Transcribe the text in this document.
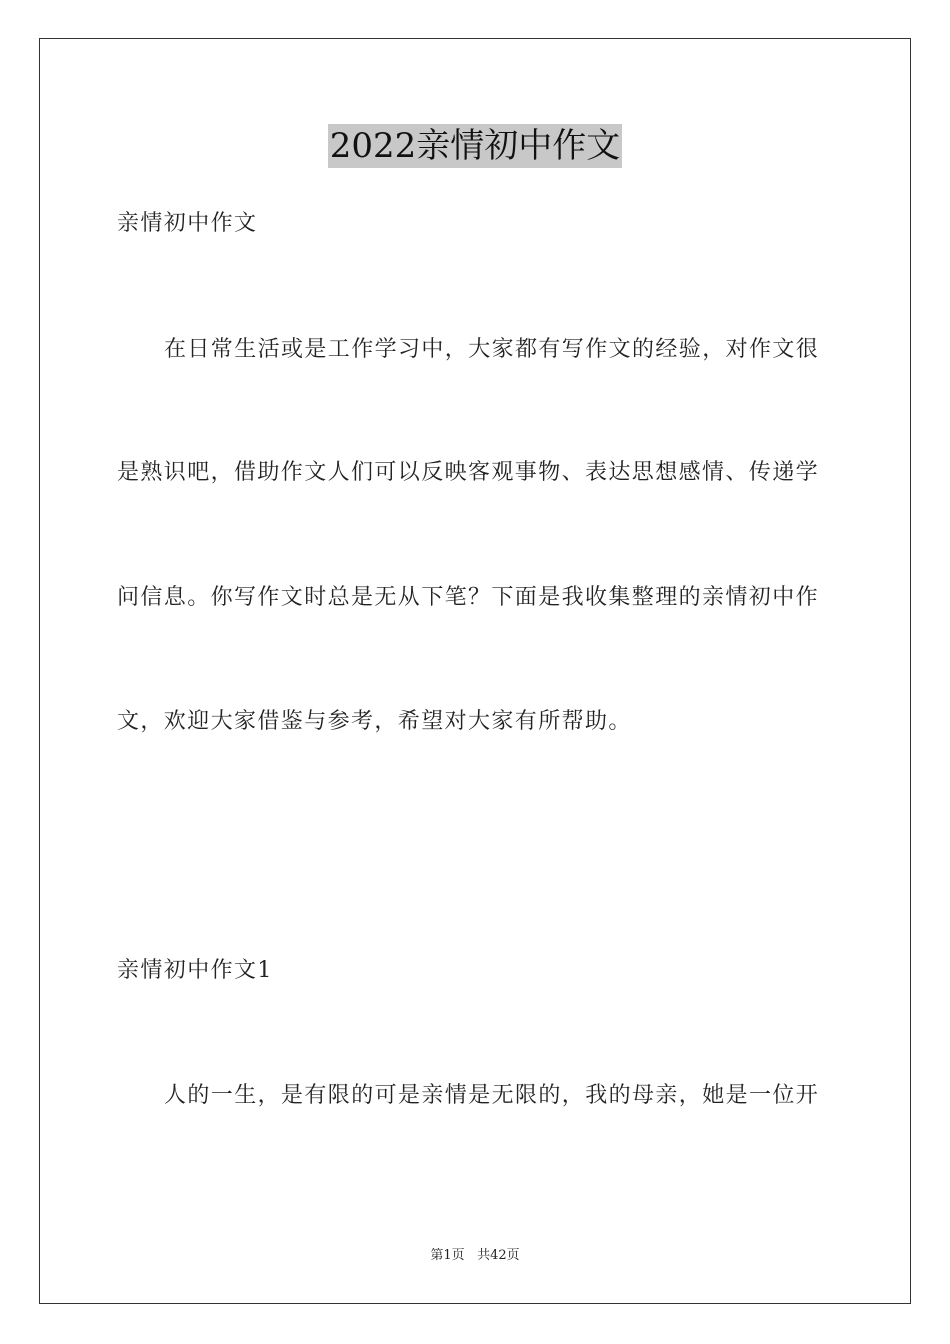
2022亲情初中作文
亲情初中作文
在日常生活或是工作学习中，大家都有写作文的经验，对作文很
是熟识吧，借助作文人们可以反映客观事物、表达思想感情、传递学
问信息。你写作文时总是无从下笔？下面是我收集整理的亲情初中作
文，欢迎大家借鉴与参考，希望对大家有所帮助。
亲情初中作文1
人的一生，是有限的可是亲情是无限的，我的母亲，她是一位开
第1页 共42页
